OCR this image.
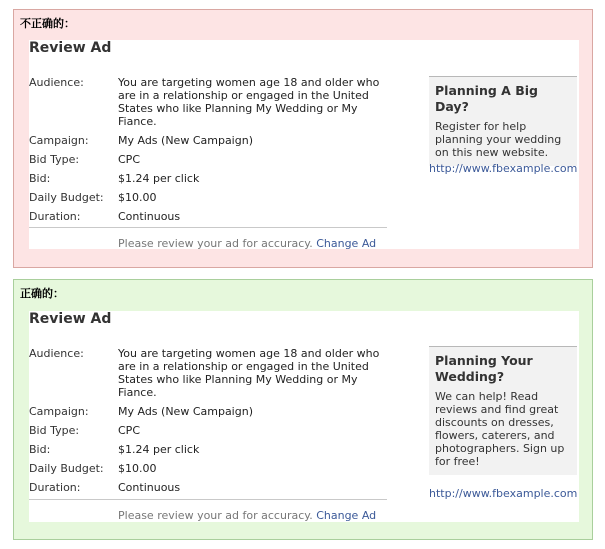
不正确的：
Review Ad
Audience:	You are targeting women age 18 and older who are in a relationship or engaged in the United States who like Planning My Wedding or My Fiance.
Campaign:	My Ads (New Campaign)
Bid Type:	CPC
Bid:	$1.24 per click
Daily Budget:	$10.00
Duration:	Continuous
Please review your ad for accuracy. Change Ad
Planning A Big Day?
Register for help planning your wedding on this new website.
http://www.fbexample.com
正确的：
Review Ad
Audience:	You are targeting women age 18 and older who are in a relationship or engaged in the United States who like Planning My Wedding or My Fiance.
Campaign:	My Ads (New Campaign)
Bid Type:	CPC
Bid:	$1.24 per click
Daily Budget:	$10.00
Duration:	Continuous
Please review your ad for accuracy. Change Ad
Planning Your Wedding?
We can help! Read reviews and find great discounts on dresses, flowers, caterers, and photographers. Sign up for free!
http://www.fbexample.com
